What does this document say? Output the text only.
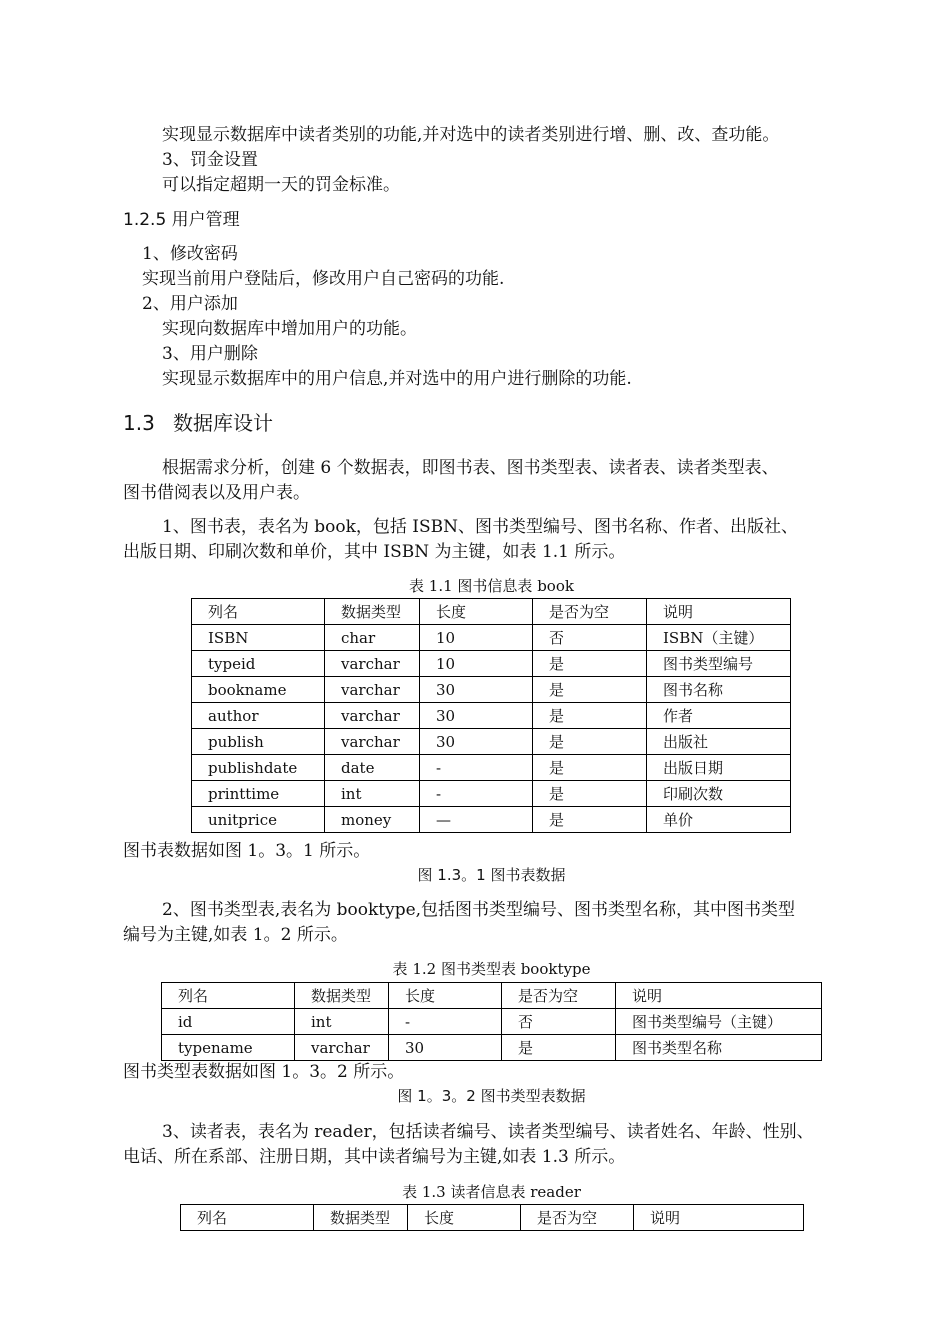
实现显示数据库中读者类别的功能,并对选中的读者类别进行增、删、改、查功能。
3、罚金设置
可以指定超期一天的罚金标准。
1.2.5 用户管理
1、修改密码
实现当前用户登陆后，修改用户自己密码的功能.
2、用户添加
实现向数据库中增加用户的功能。
3、用户删除
实现显示数据库中的用户信息,并对选中的用户进行删除的功能.
1.3 数据库设计
根据需求分析，创建 6 个数据表，即图书表、图书类型表、读者表、读者类型表、
图书借阅表以及用户表。
1、图书表，表名为 book，包括 ISBN、图书类型编号、图书名称、作者、出版社、
出版日期、印刷次数和单价，其中 ISBN 为主键，如表 1.1 所示。
表 1.1 图书信息表 book
列名	数据类型	长度	是否为空	说明
ISBN	char	10	否	ISBN（主键）
typeid	varchar	10	是	图书类型编号
bookname	varchar	30	是	图书名称
author	varchar	30	是	作者
publish	varchar	30	是	出版社
publishdate	date	-	是	出版日期
printtime	int	-	是	印刷次数
unitprice	money	—	是	单价
图书表数据如图 1。3。1 所示。
图 1.3。1 图书表数据
2、图书类型表,表名为 booktype,包括图书类型编号、图书类型名称，其中图书类型
编号为主键,如表 1。2 所示。
表 1.2 图书类型表 booktype
列名	数据类型	长度	是否为空	说明
id	int	-	否	图书类型编号（主键）
typename	varchar	30	是	图书类型名称
图书类型表数据如图 1。3。2 所示。
图 1。3。2 图书类型表数据
3、读者表，表名为 reader，包括读者编号、读者类型编号、读者姓名、年龄、性别、
电话、所在系部、注册日期，其中读者编号为主键,如表 1.3 所示。
表 1.3 读者信息表 reader
列名	数据类型	长度	是否为空	说明
